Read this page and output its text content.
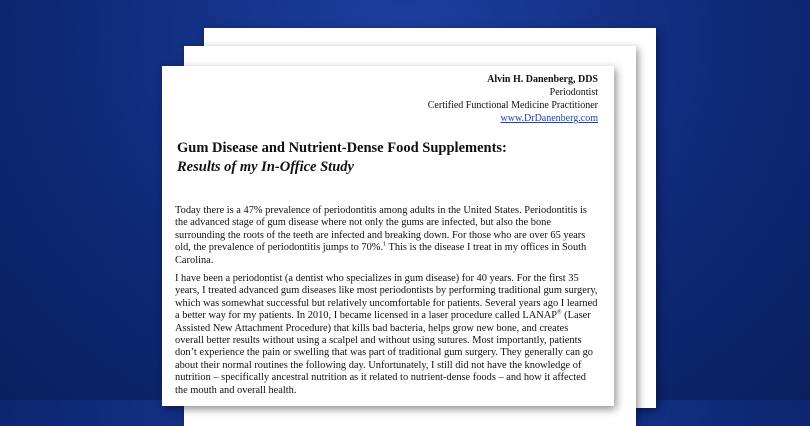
Alvin H. Danenberg, DDS
Periodontist
Certified Functional Medicine Practitioner
www.DrDanenberg.com
Gum Disease and Nutrient-Dense Food Supplements:
Results of my In-Office Study

Today there is a 47% prevalence of periodontitis among adults in the United States. Periodontitis is the advanced stage of gum disease where not only the gums are infected, but also the bone surrounding the roots of the teeth are infected and breaking down. For those who are over 65 years old, the prevalence of periodontitis jumps to 70%.$^1$ This is the disease I treat in my offices in South Carolina.

I have been a periodontist (a dentist who specializes in gum disease) for 40 years. For the first 35 years, I treated advanced gum diseases like most periodontists by performing traditional gum surgery, which was somewhat successful but relatively uncomfortable for patients. Several years ago I learned a better way for my patients. In 2010, I became licensed in a laser procedure called LANAP® (Laser Assisted New Attachment Procedure) that kills bad bacteria, helps grow new bone, and creates overall better results without using a scalpel and without using sutures. Most importantly, patients don’t experience the pain or swelling that was part of traditional gum surgery. They generally can go about their normal routines the following day. Unfortunately, I still did not have the knowledge of nutrition – specifically ancestral nutrition as it related to nutrient-dense foods – and how it affected the mouth and overall health.
